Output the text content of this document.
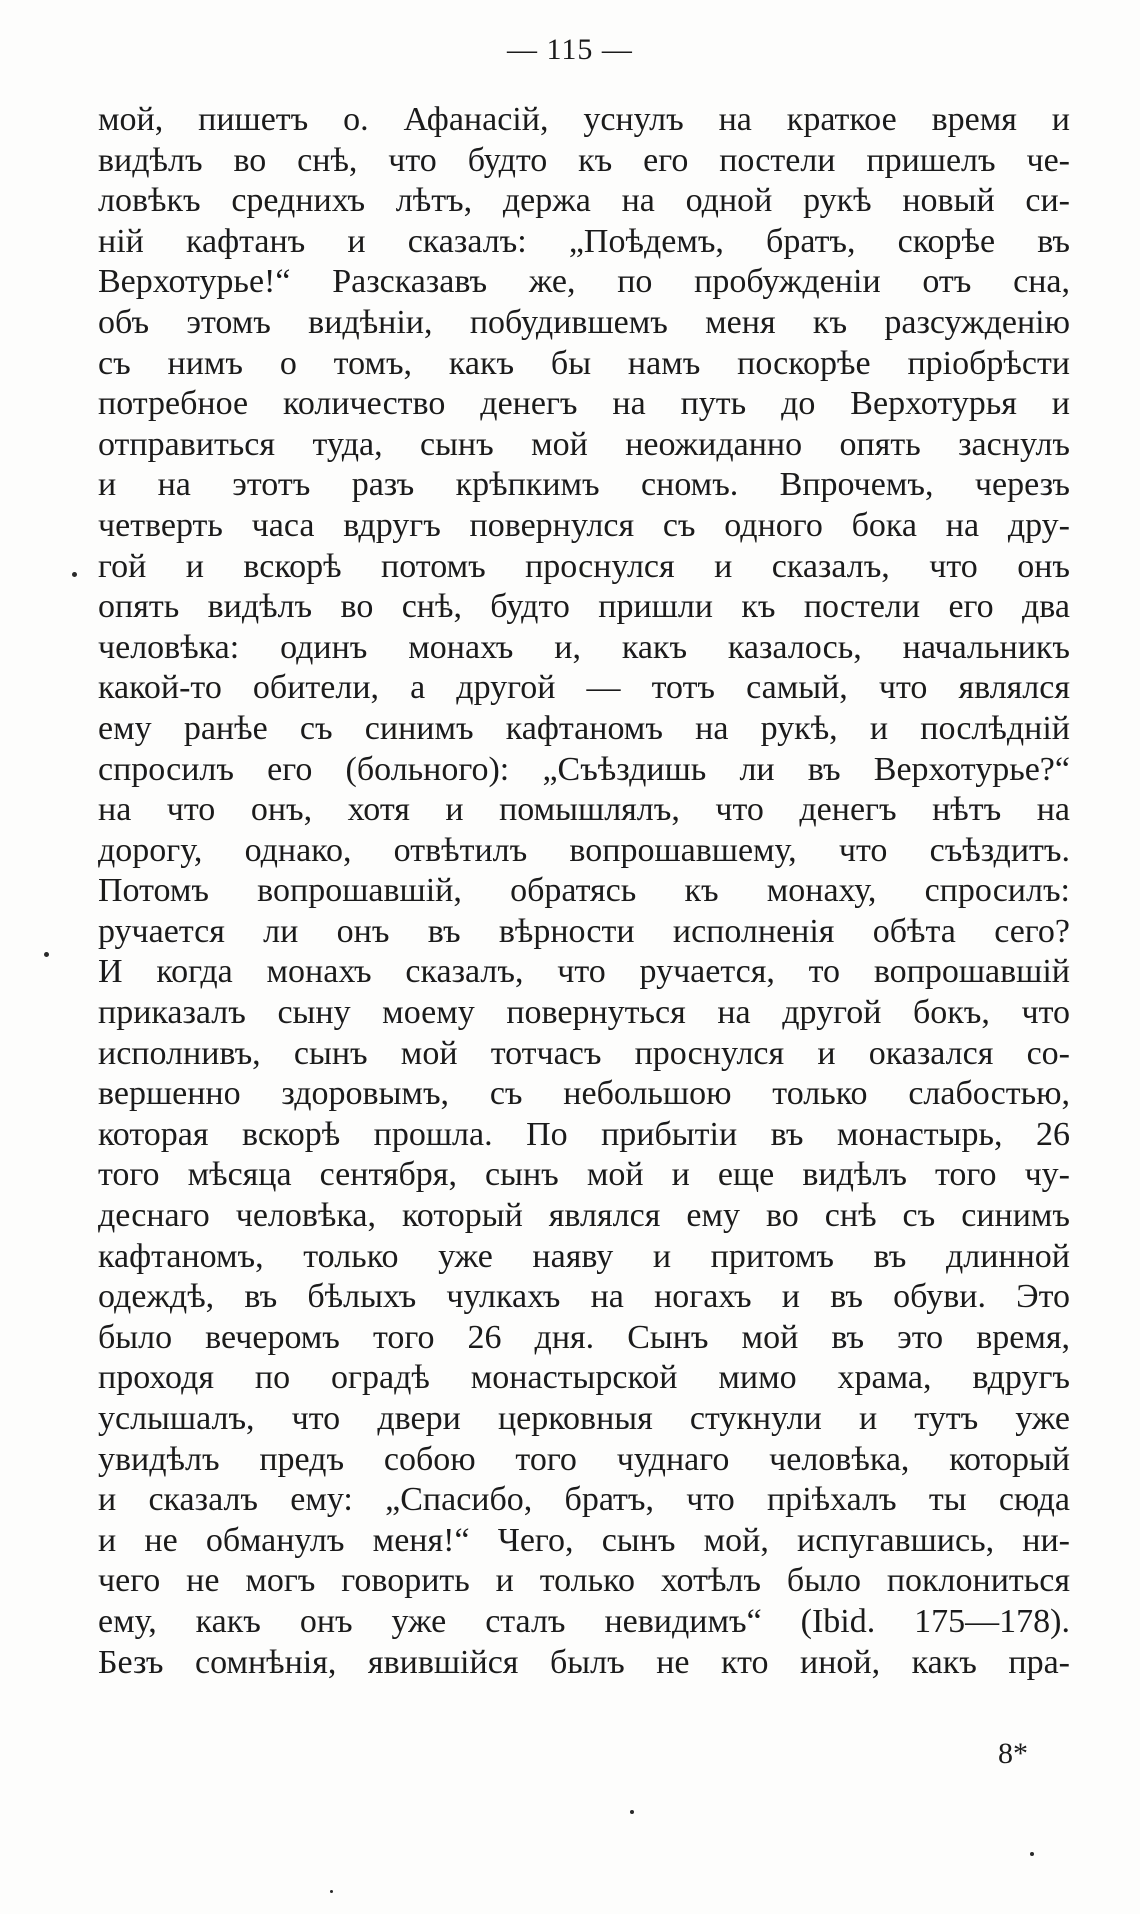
— 115 —
мой, пишетъ о. Афанасій, уснулъ на краткое время и
видѣлъ во снѣ, что будто къ его постели пришелъ че-
ловѣкъ среднихъ лѣтъ, держа на одной рукѣ новый си-
ній кафтанъ и сказалъ: „Поѣдемъ, братъ, скорѣе въ
Верхотурье!“ Разсказавъ же, по пробужденіи отъ сна,
объ этомъ видѣніи, побудившемъ меня къ разсужденію
съ нимъ о томъ, какъ бы намъ поскорѣе пріобрѣсти
потребное количество денегъ на путь до Верхотурья и
отправиться туда, сынъ мой неожиданно опять заснулъ
и на этотъ разъ крѣпкимъ сномъ. Впрочемъ, черезъ
четверть часа вдругъ повернулся съ одного бока на дру-
гой и вскорѣ потомъ проснулся и сказалъ, что онъ
опять видѣлъ во снѣ, будто пришли къ постели его два
человѣка: одинъ монахъ и, какъ казалось, начальникъ
какой-то обители, а другой — тотъ самый, что являлся
ему ранѣе съ синимъ кафтаномъ на рукѣ, и послѣдній
спросилъ его (больного): „Съѣздишь ли въ Верхотурье?“
на что онъ, хотя и помышлялъ, что денегъ нѣтъ на
дорогу, однако, отвѣтилъ вопрошавшему, что съѣздитъ.
Потомъ вопрошавшій, обратясь къ монаху, спросилъ:
ручается ли онъ въ вѣрности исполненія обѣта сего?
И когда монахъ сказалъ, что ручается, то вопрошавшій
приказалъ сыну моему повернуться на другой бокъ, что
исполнивъ, сынъ мой тотчасъ проснулся и оказался со-
вершенно здоровымъ, съ небольшою только слабостью,
которая вскорѣ прошла. По прибытіи въ монастырь, 26
того мѣсяца сентября, сынъ мой и еще видѣлъ того чу-
деснаго человѣка, который являлся ему во снѣ съ синимъ
кафтаномъ, только уже наяву и притомъ въ длинной
одеждѣ, въ бѣлыхъ чулкахъ на ногахъ и въ обуви. Это
было вечеромъ того 26 дня. Сынъ мой въ это время,
проходя по оградѣ монастырской мимо храма, вдругъ
услышалъ, что двери церковныя стукнули и тутъ уже
увидѣлъ предъ собою того чуднаго человѣка, который
и сказалъ ему: „Спасибо, братъ, что пріѣхалъ ты сюда
и не обманулъ меня!“ Чего, сынъ мой, испугавшись, ни-
чего не могъ говорить и только хотѣлъ было поклониться
ему, какъ онъ уже сталъ невидимъ“ (Ibid. 175—178).
Безъ сомнѣнія, явившійся былъ не кто иной, какъ пра-
8*
